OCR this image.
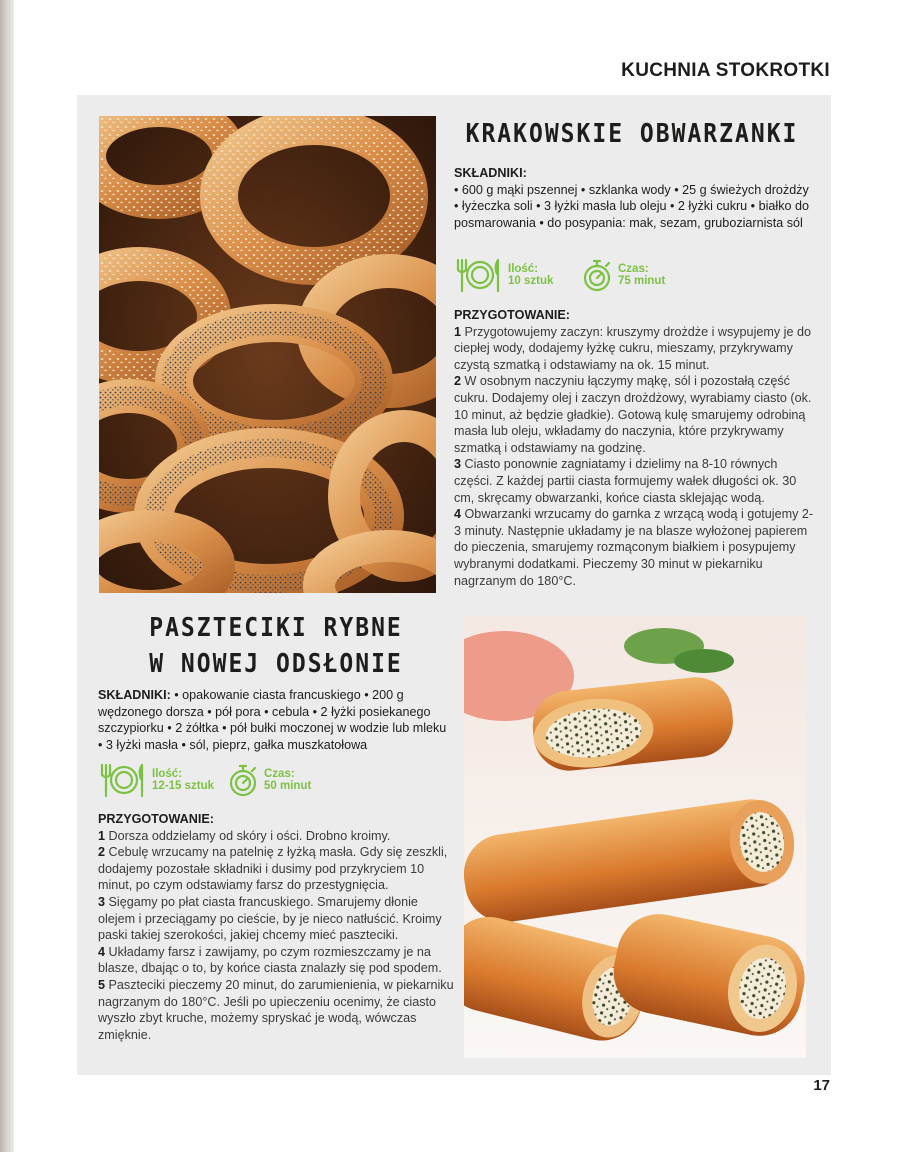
KUCHNIA STOKROTKI
KRAKOWSKIE OBWARZANKI
SKŁADNIKI:
• 600 g mąki pszennej • szklanka wody • 25 g świeżych drożdży • łyżeczka soli • 3 łyżki masła lub oleju • 2 łyżki cukru • białko do posmarowania • do posypania: mak, sezam, gruboziarnista sól
Ilość:
10 sztuk
Czas:
75 minut
PRZYGOTOWANIE:

1 Przygotowujemy zaczyn: kruszymy drożdże i wsypujemy je do ciepłej wody, dodajemy łyżkę cukru, mieszamy, przykrywamy czystą szmatką i odstawiamy na ok. 15 minut.

2 W osobnym naczyniu łączymy mąkę, sól i pozostałą część cukru. Dodajemy olej i zaczyn drożdżowy, wyrabiamy ciasto (ok. 10 minut, aż będzie gładkie). Gotową kulę smarujemy odrobiną masła lub oleju, wkładamy do naczynia, które przykrywamy szmatką i odstawiamy na godzinę.

3 Ciasto ponownie zagniatamy i dzielimy na 8-10 równych części. Z każdej partii ciasta formujemy wałek długości ok. 30 cm, skręcamy obwarzanki, końce ciasta sklejając wodą.

4 Obwarzanki wrzucamy do garnka z wrzącą wodą i gotujemy 2-3 minuty. Następnie układamy je na blasze wyłożonej papierem do pieczenia, smarujemy rozmąconym białkiem i posypujemy wybranymi dodatkami. Pieczemy 30 minut w piekarniku nagrzanym do 180°C.

PASZTECIKI RYBNE
W NOWEJ ODSŁONIE
SKŁADNIKI: • opakowanie ciasta francuskiego • 200 g wędzonego dorsza • pół pora • cebula • 2 łyżki posiekanego szczypiorku • 2 żółtka • pół bułki moczonej w wodzie lub mleku • 3 łyżki masła • sól, pieprz, gałka muszkatołowa
Ilość:
12-15 sztuk
Czas:
50 minut
PRZYGOTOWANIE:

1 Dorsza oddzielamy od skóry i ości. Drobno kroimy.

2 Cebulę wrzucamy na patelnię z łyżką masła. Gdy się zeszkli, dodajemy pozostałe składniki i dusimy pod przykryciem 10 minut, po czym odstawiamy farsz do przestygnięcia.

3 Sięgamy po płat ciasta francuskiego. Smarujemy dłonie olejem i przeciągamy po cieście, by je nieco natłuścić. Kroimy paski takiej szerokości, jakiej chcemy mieć paszteciki.

4 Układamy farsz i zawijamy, po czym rozmieszczamy je na blasze, dbając o to, by końce ciasta znalazły się pod spodem.

5 Paszteciki pieczemy 20 minut, do zarumienienia, w piekarniku nagrzanym do 180°C. Jeśli po upieczeniu ocenimy, że ciasto wyszło zbyt kruche, możemy spryskać je wodą, wówczas zmięknie.

17
